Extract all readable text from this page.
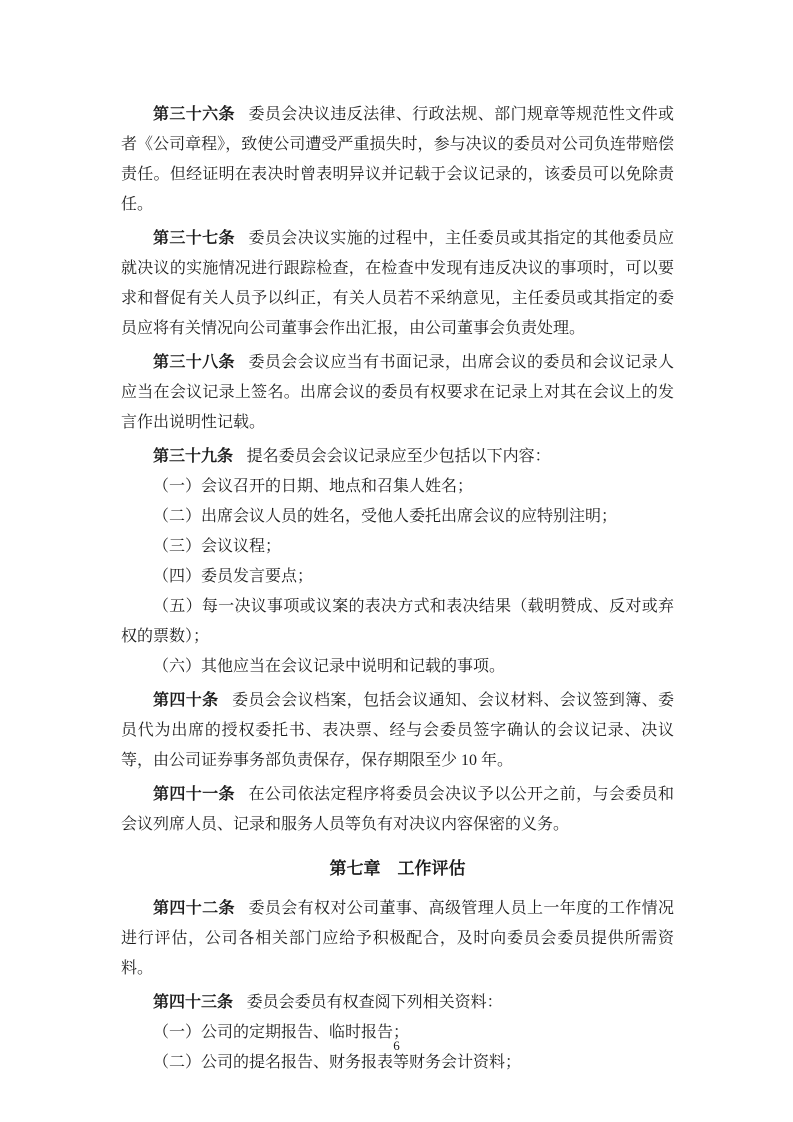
第三十六条 委员会决议违反法律、行政法规、部门规章等规范性文件或者《公司章程》，致使公司遭受严重损失时，参与决议的委员对公司负连带赔偿责任。但经证明在表决时曾表明异议并记载于会议记录的，该委员可以免除责任。
第三十七条 委员会决议实施的过程中，主任委员或其指定的其他委员应就决议的实施情况进行跟踪检查，在检查中发现有违反决议的事项时，可以要求和督促有关人员予以纠正，有关人员若不采纳意见，主任委员或其指定的委员应将有关情况向公司董事会作出汇报，由公司董事会负责处理。
第三十八条 委员会会议应当有书面记录，出席会议的委员和会议记录人应当在会议记录上签名。出席会议的委员有权要求在记录上对其在会议上的发言作出说明性记载。
第三十九条 提名委员会会议记录应至少包括以下内容：
（一）会议召开的日期、地点和召集人姓名；
（二）出席会议人员的姓名，受他人委托出席会议的应特别注明；
（三）会议议程；
（四）委员发言要点；
（五）每一决议事项或议案的表决方式和表决结果（载明赞成、反对或弃权的票数）；
（六）其他应当在会议记录中说明和记载的事项。
第四十条 委员会会议档案，包括会议通知、会议材料、会议签到簿、委员代为出席的授权委托书、表决票、经与会委员签字确认的会议记录、决议等，由公司证券事务部负责保存，保存期限至少 10 年。
第四十一条 在公司依法定程序将委员会决议予以公开之前，与会委员和会议列席人员、记录和服务人员等负有对决议内容保密的义务。
第七章 工作评估
第四十二条 委员会有权对公司董事、高级管理人员上一年度的工作情况进行评估，公司各相关部门应给予积极配合，及时向委员会委员提供所需资料。
第四十三条 委员会委员有权查阅下列相关资料：
（一）公司的定期报告、临时报告；
（二）公司的提名报告、财务报表等财务会计资料；
6
